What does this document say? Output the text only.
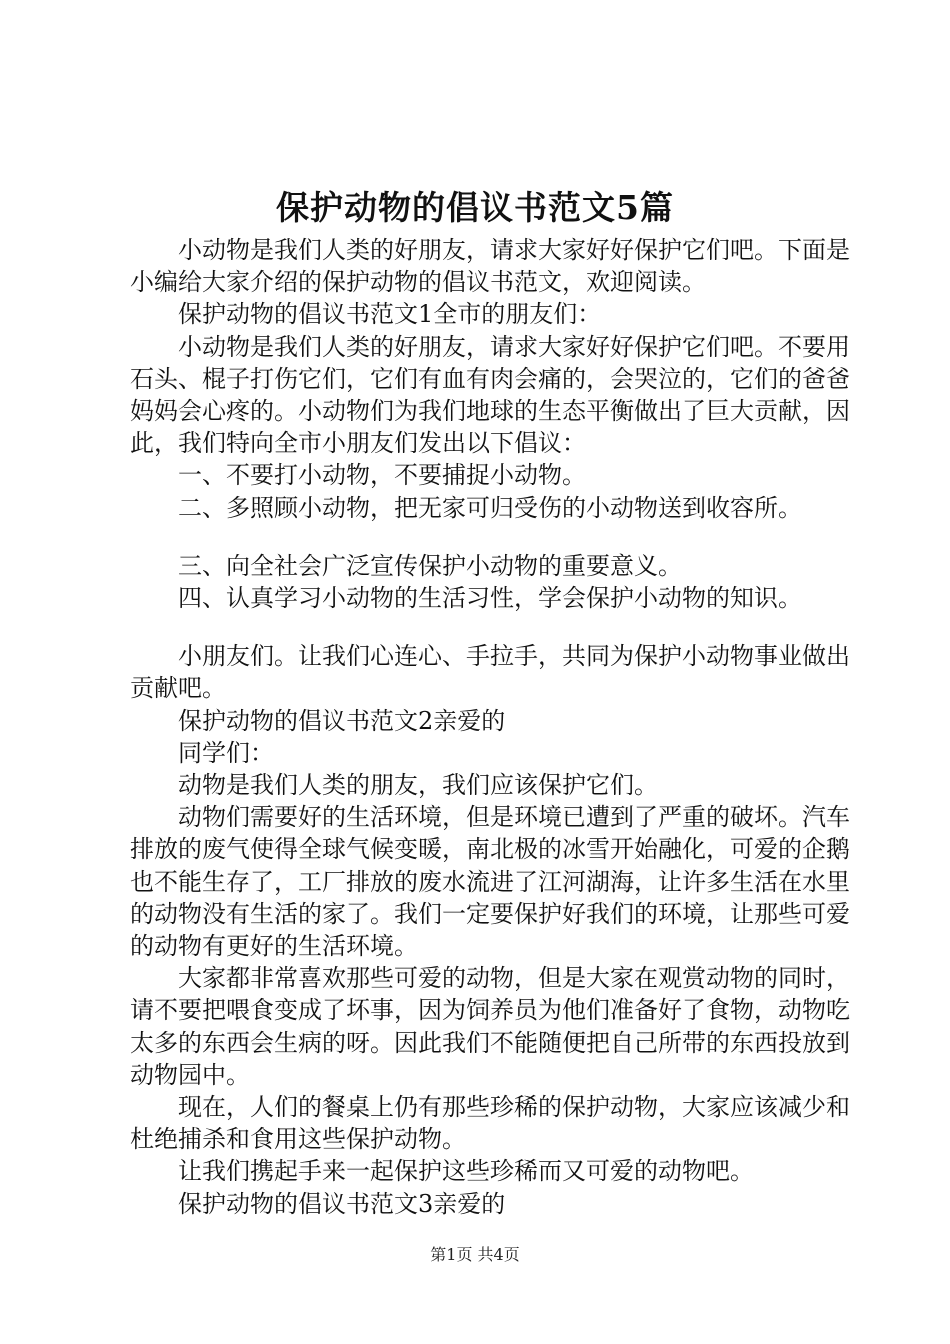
保护动物的倡议书范文5篇

小动物是我们人类的好朋友，请求大家好好保护它们吧。下面是小编给大家介绍的保护动物的倡议书范文，欢迎阅读。

保护动物的倡议书范文1全市的朋友们：

小动物是我们人类的好朋友，请求大家好好保护它们吧。不要用石头、棍子打伤它们，它们有血有肉会痛的，会哭泣的，它们的爸爸妈妈会心疼的。小动物们为我们地球的生态平衡做出了巨大贡献，因此，我们特向全市小朋友们发出以下倡议：

一、不要打小动物，不要捕捉小动物。

二、多照顾小动物，把无家可归受伤的小动物送到收容所。

三、向全社会广泛宣传保护小动物的重要意义。

四、认真学习小动物的生活习性，学会保护小动物的知识。

小朋友们。让我们心连心、手拉手，共同为保护小动物事业做出贡献吧。

保护动物的倡议书范文2亲爱的

同学们：

动物是我们人类的朋友，我们应该保护它们。

动物们需要好的生活环境，但是环境已遭到了严重的破坏。汽车排放的废气使得全球气候变暖，南北极的冰雪开始融化，可爱的企鹅也不能生存了，工厂排放的废水流进了江河湖海，让许多生活在水里的动物没有生活的家了。我们一定要保护好我们的环境，让那些可爱的动物有更好的生活环境。

大家都非常喜欢那些可爱的动物，但是大家在观赏动物的同时，请不要把喂食变成了坏事，因为饲养员为他们准备好了食物，动物吃太多的东西会生病的呀。因此我们不能随便把自己所带的东西投放到动物园中。

现在，人们的餐桌上仍有那些珍稀的保护动物，大家应该减少和杜绝捕杀和食用这些保护动物。

让我们携起手来一起保护这些珍稀而又可爱的动物吧。

保护动物的倡议书范文3亲爱的

第1页 共4页
